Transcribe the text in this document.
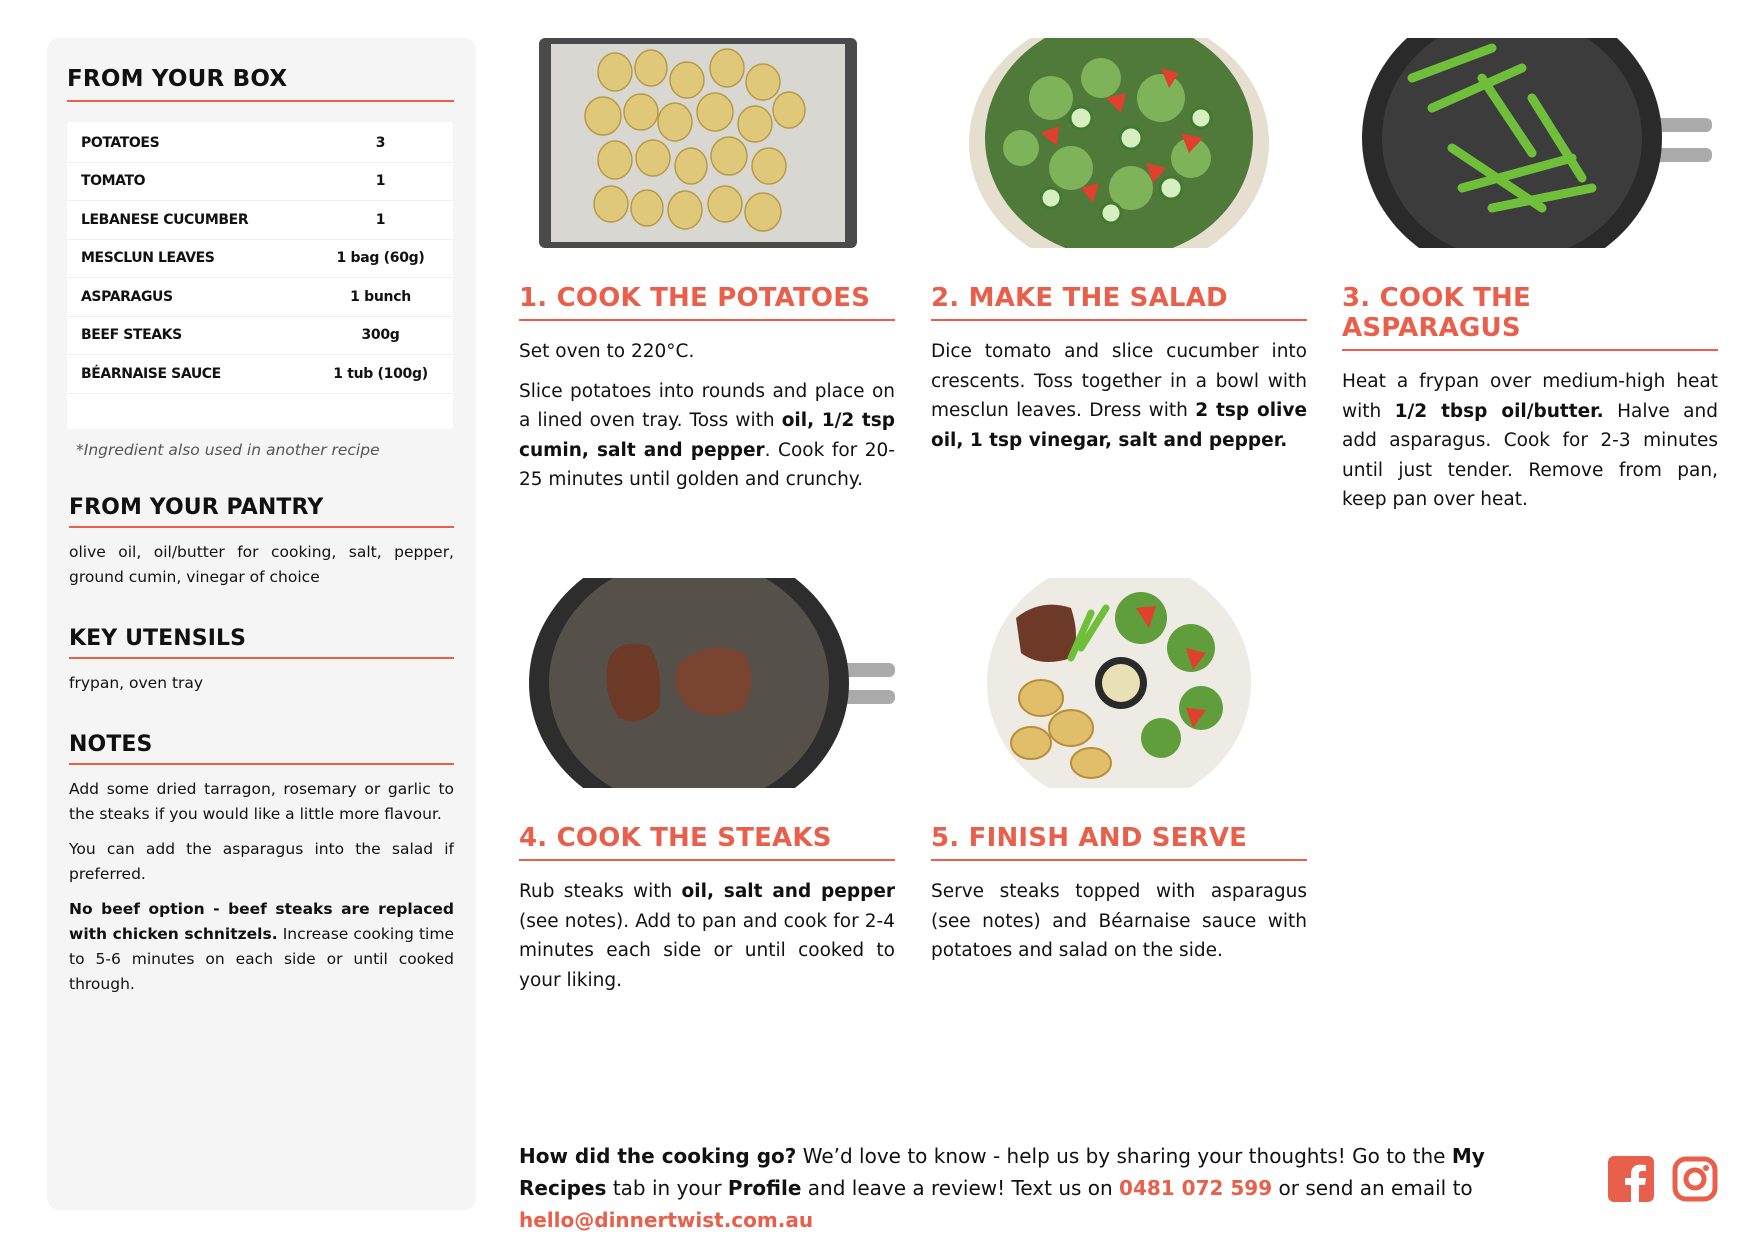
FROM YOUR BOX
POTATOES	3
TOMATO	1
LEBANESE CUCUMBER	1
MESCLUN LEAVES	1 bag (60g)
ASPARAGUS	1 bunch
BEEF STEAKS	300g
BÉARNAISE SAUCE	1 tub (100g)
*Ingredient also used in another recipe
FROM YOUR PANTRY
olive oil, oil/butter for cooking, salt, pepper, ground cumin, vinegar of choice
KEY UTENSILS
frypan, oven tray
NOTES

Add some dried tarragon, rosemary or garlic to the steaks if you would like a little more flavour.

You can add the asparagus into the salad if preferred.

No beef option - beef steaks are replaced with chicken schnitzels. Increase cooking time to 5-6 minutes on each side or until cooked through.

1. COOK THE POTATOES

Set oven to 220°C.

Slice potatoes into rounds and place on a lined oven tray. Toss with oil, 1/2 tsp cumin, salt and pepper. Cook for 20-25 minutes until golden and crunchy.

2. MAKE THE SALAD

Dice tomato and slice cucumber into crescents. Toss together in a bowl with mesclun leaves. Dress with 2 tsp olive oil, 1 tsp vinegar, salt and pepper.

3. COOK THE ASPARAGUS

Heat a frypan over medium-high heat with 1/2 tbsp oil/butter. Halve and add asparagus. Cook for 2-3 minutes until just tender. Remove from pan, keep pan over heat.

4. COOK THE STEAKS

Rub steaks with oil, salt and pepper (see notes). Add to pan and cook for 2-4 minutes each side or until cooked to your liking.

5. FINISH AND SERVE

Serve steaks topped with asparagus (see notes) and Béarnaise sauce with potatoes and salad on the side.

How did the cooking go? We’d love to know - help us by sharing your thoughts! Go to the My Recipes tab in your Profile and leave a review! Text us on 0481 072 599 or send an email to hello@dinnertwist.com.au
